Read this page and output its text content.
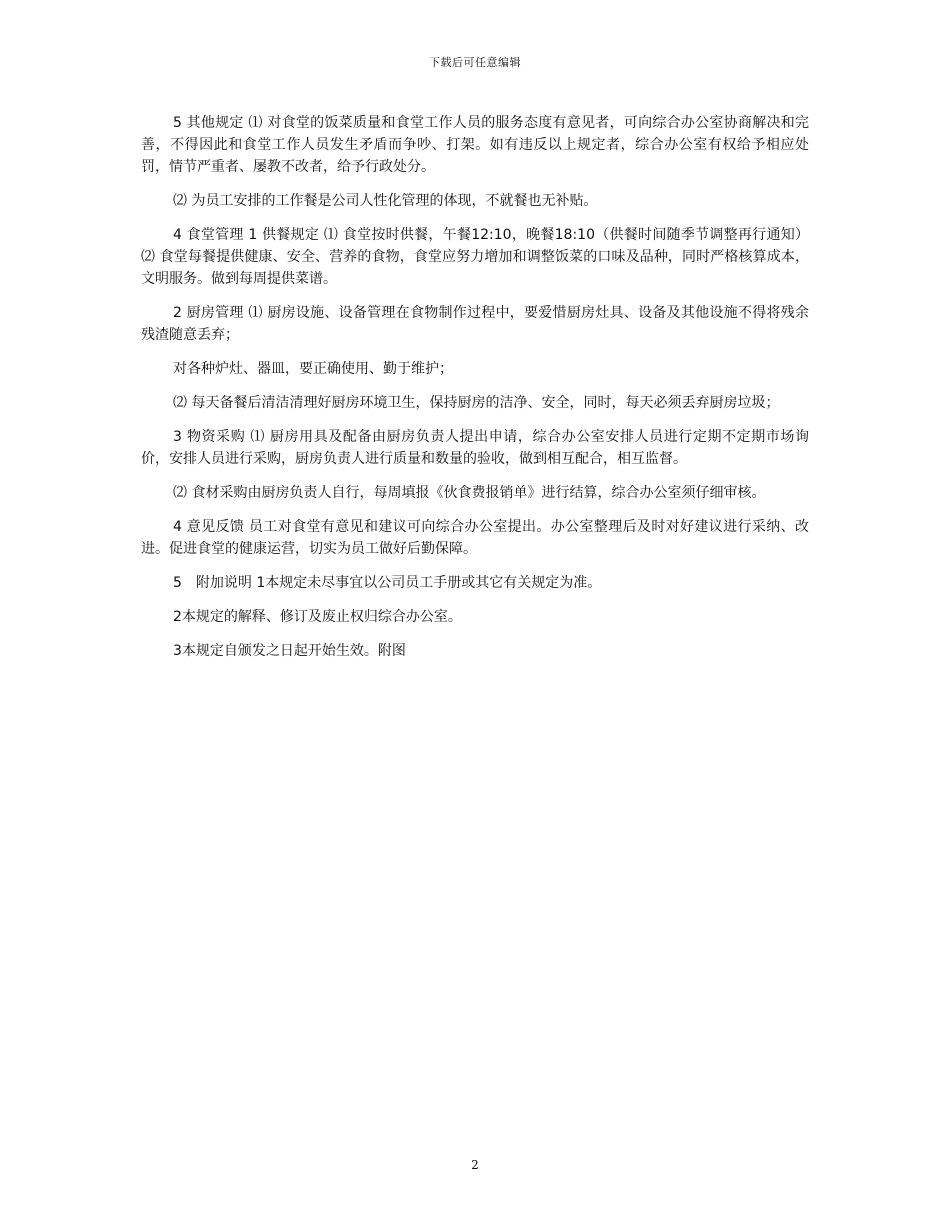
下载后可任意编辑

5 其他规定 ⑴ 对食堂的饭菜质量和食堂工作人员的服务态度有意见者，可向综合办公室协商解决和完善，不得因此和食堂工作人员发生矛盾而争吵、打架。如有违反以上规定者，综合办公室有权给予相应处罚，情节严重者、屡教不改者，给予行政处分。

⑵ 为员工安排的工作餐是公司人性化管理的体现，不就餐也无补贴。

4 食堂管理 1 供餐规定 ⑴ 食堂按时供餐，午餐12:10，晚餐18:10（供餐时间随季节调整再行通知） ⑵ 食堂每餐提供健康、安全、营养的食物，食堂应努力增加和调整饭菜的口味及品种，同时严格核算成本，文明服务。做到每周提供菜谱。

2 厨房管理 ⑴ 厨房设施、设备管理在食物制作过程中，要爱惜厨房灶具、设备及其他设施不得将残余残渣随意丢弃；

对各种炉灶、器皿，要正确使用、勤于维护；

⑵ 每天备餐后清洁清理好厨房环境卫生，保持厨房的洁净、安全，同时，每天必须丢弃厨房垃圾；

3 物资采购 ⑴ 厨房用具及配备由厨房负责人提出申请，综合办公室安排人员进行定期不定期市场询价，安排人员进行采购，厨房负责人进行质量和数量的验收，做到相互配合，相互监督。

⑵ 食材采购由厨房负责人自行，每周填报《伙食费报销单》进行结算，综合办公室须仔细审核。

4 意见反馈 员工对食堂有意见和建议可向综合办公室提出。办公室整理后及时对好建议进行采纳、改进。促进食堂的健康运营，切实为员工做好后勤保障。

5　附加说明 1本规定未尽事宜以公司员工手册或其它有关规定为准。

2本规定的解释、修订及废止权归综合办公室。

3本规定自颁发之日起开始生效。附图

2
